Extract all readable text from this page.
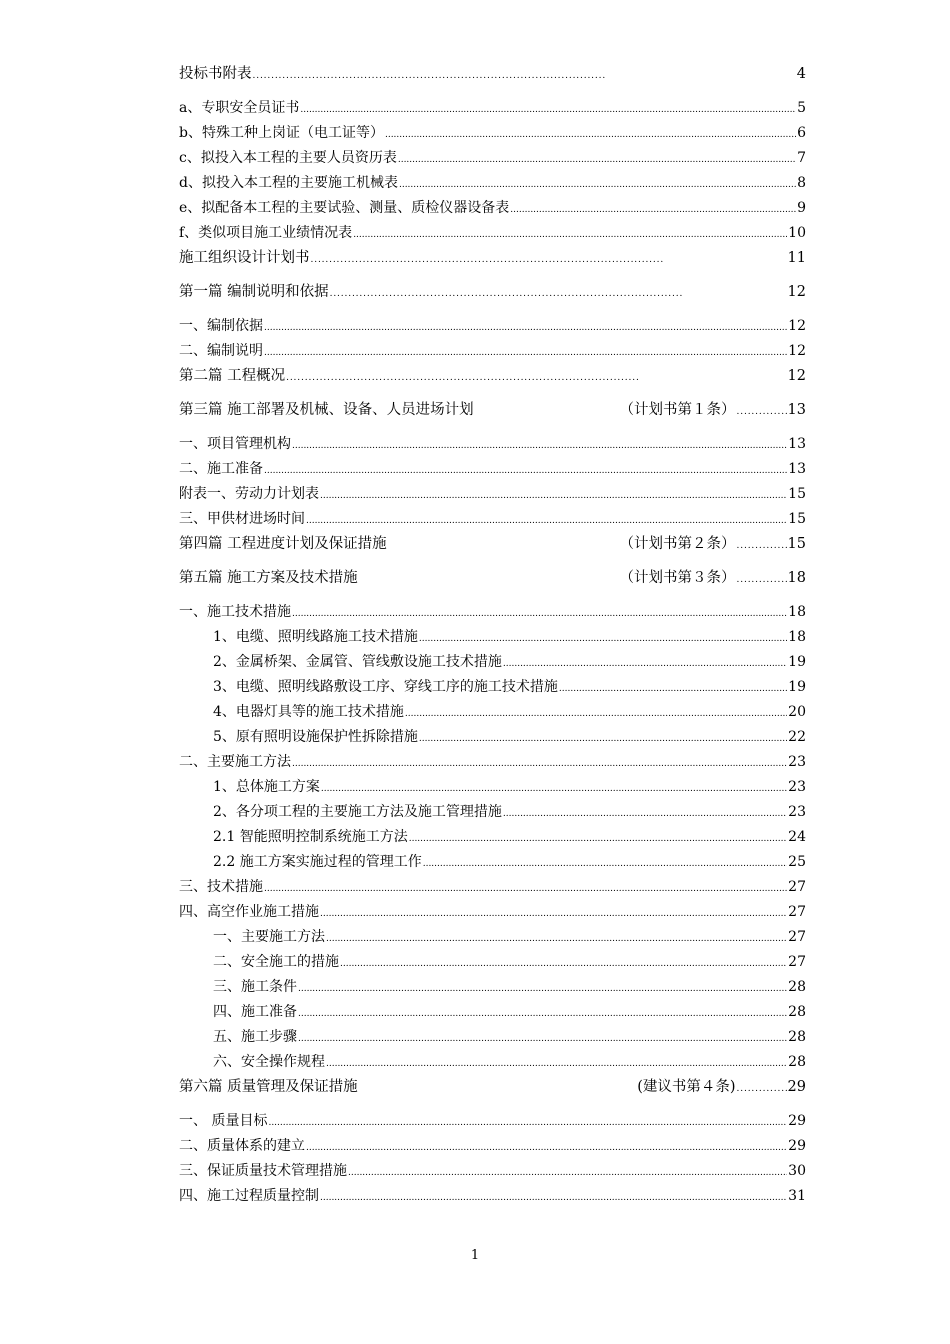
投标书附表 . .	4
a、专职安全员证书 .....	5
b、特殊工种上岗证（电工证等） .....	6
c、拟投入本工程的主要人员资历表 .....	7
d、拟投入本工程的主要施工机械表 .....	8
e、拟配备本工程的主要试验、测量、质检仪器设备表 .....	9
f、类似项目施工业绩情况表 .....	10
施工组织设计计划书 . .	11
第一篇 编制说明和依据 . .	12
一、编制依据 .....	12
二、编制说明 .....	12
第二篇 工程概况 . .	12
第三篇 施工部署及机械、设备、人员进场计划	（计划书第１条） . .	13
一、项目管理机构 .....	13
二、施工准备 .....	13
附表一、劳动力计划表 .....	15
三、甲供材进场时间 .....	15
第四篇 工程进度计划及保证措施	（计划书第２条） . .	15
第五篇 施工方案及技术措施	（计划书第３条） . .	18
一、施工技术措施 .....	18
1、电缆、照明线路施工技术措施 .....	18
2、金属桥架、金属管、管线敷设施工技术措施 .....	19
3、电缆、照明线路敷设工序、穿线工序的施工技术措施 .....	19
4、电器灯具等的施工技术措施 .....	20
5、原有照明设施保护性拆除措施 .....	22
二、主要施工方法 .....	23
1、总体施工方案 .....	23
2、各分项工程的主要施工方法及施工管理措施 .....	23
2.1 智能照明控制系统施工方法 .....	24
2.2 施工方案实施过程的管理工作 .....	25
三、技术措施 .....	27
四、高空作业施工措施 .....	27
一、主要施工方法 .....	27
二、安全施工的措施 .....	27
三、施工条件 .....	28
四、施工准备 .....	28
五、施工步骤 .....	28
六、安全操作规程 .....	28
第六篇 质量管理及保证措施	(建议书第４条) . .	29
一、 质量目标 .....	29
二、质量体系的建立 .....	29
三、保证质量技术管理措施 .....	30
四、施工过程质量控制 .....	31
1
